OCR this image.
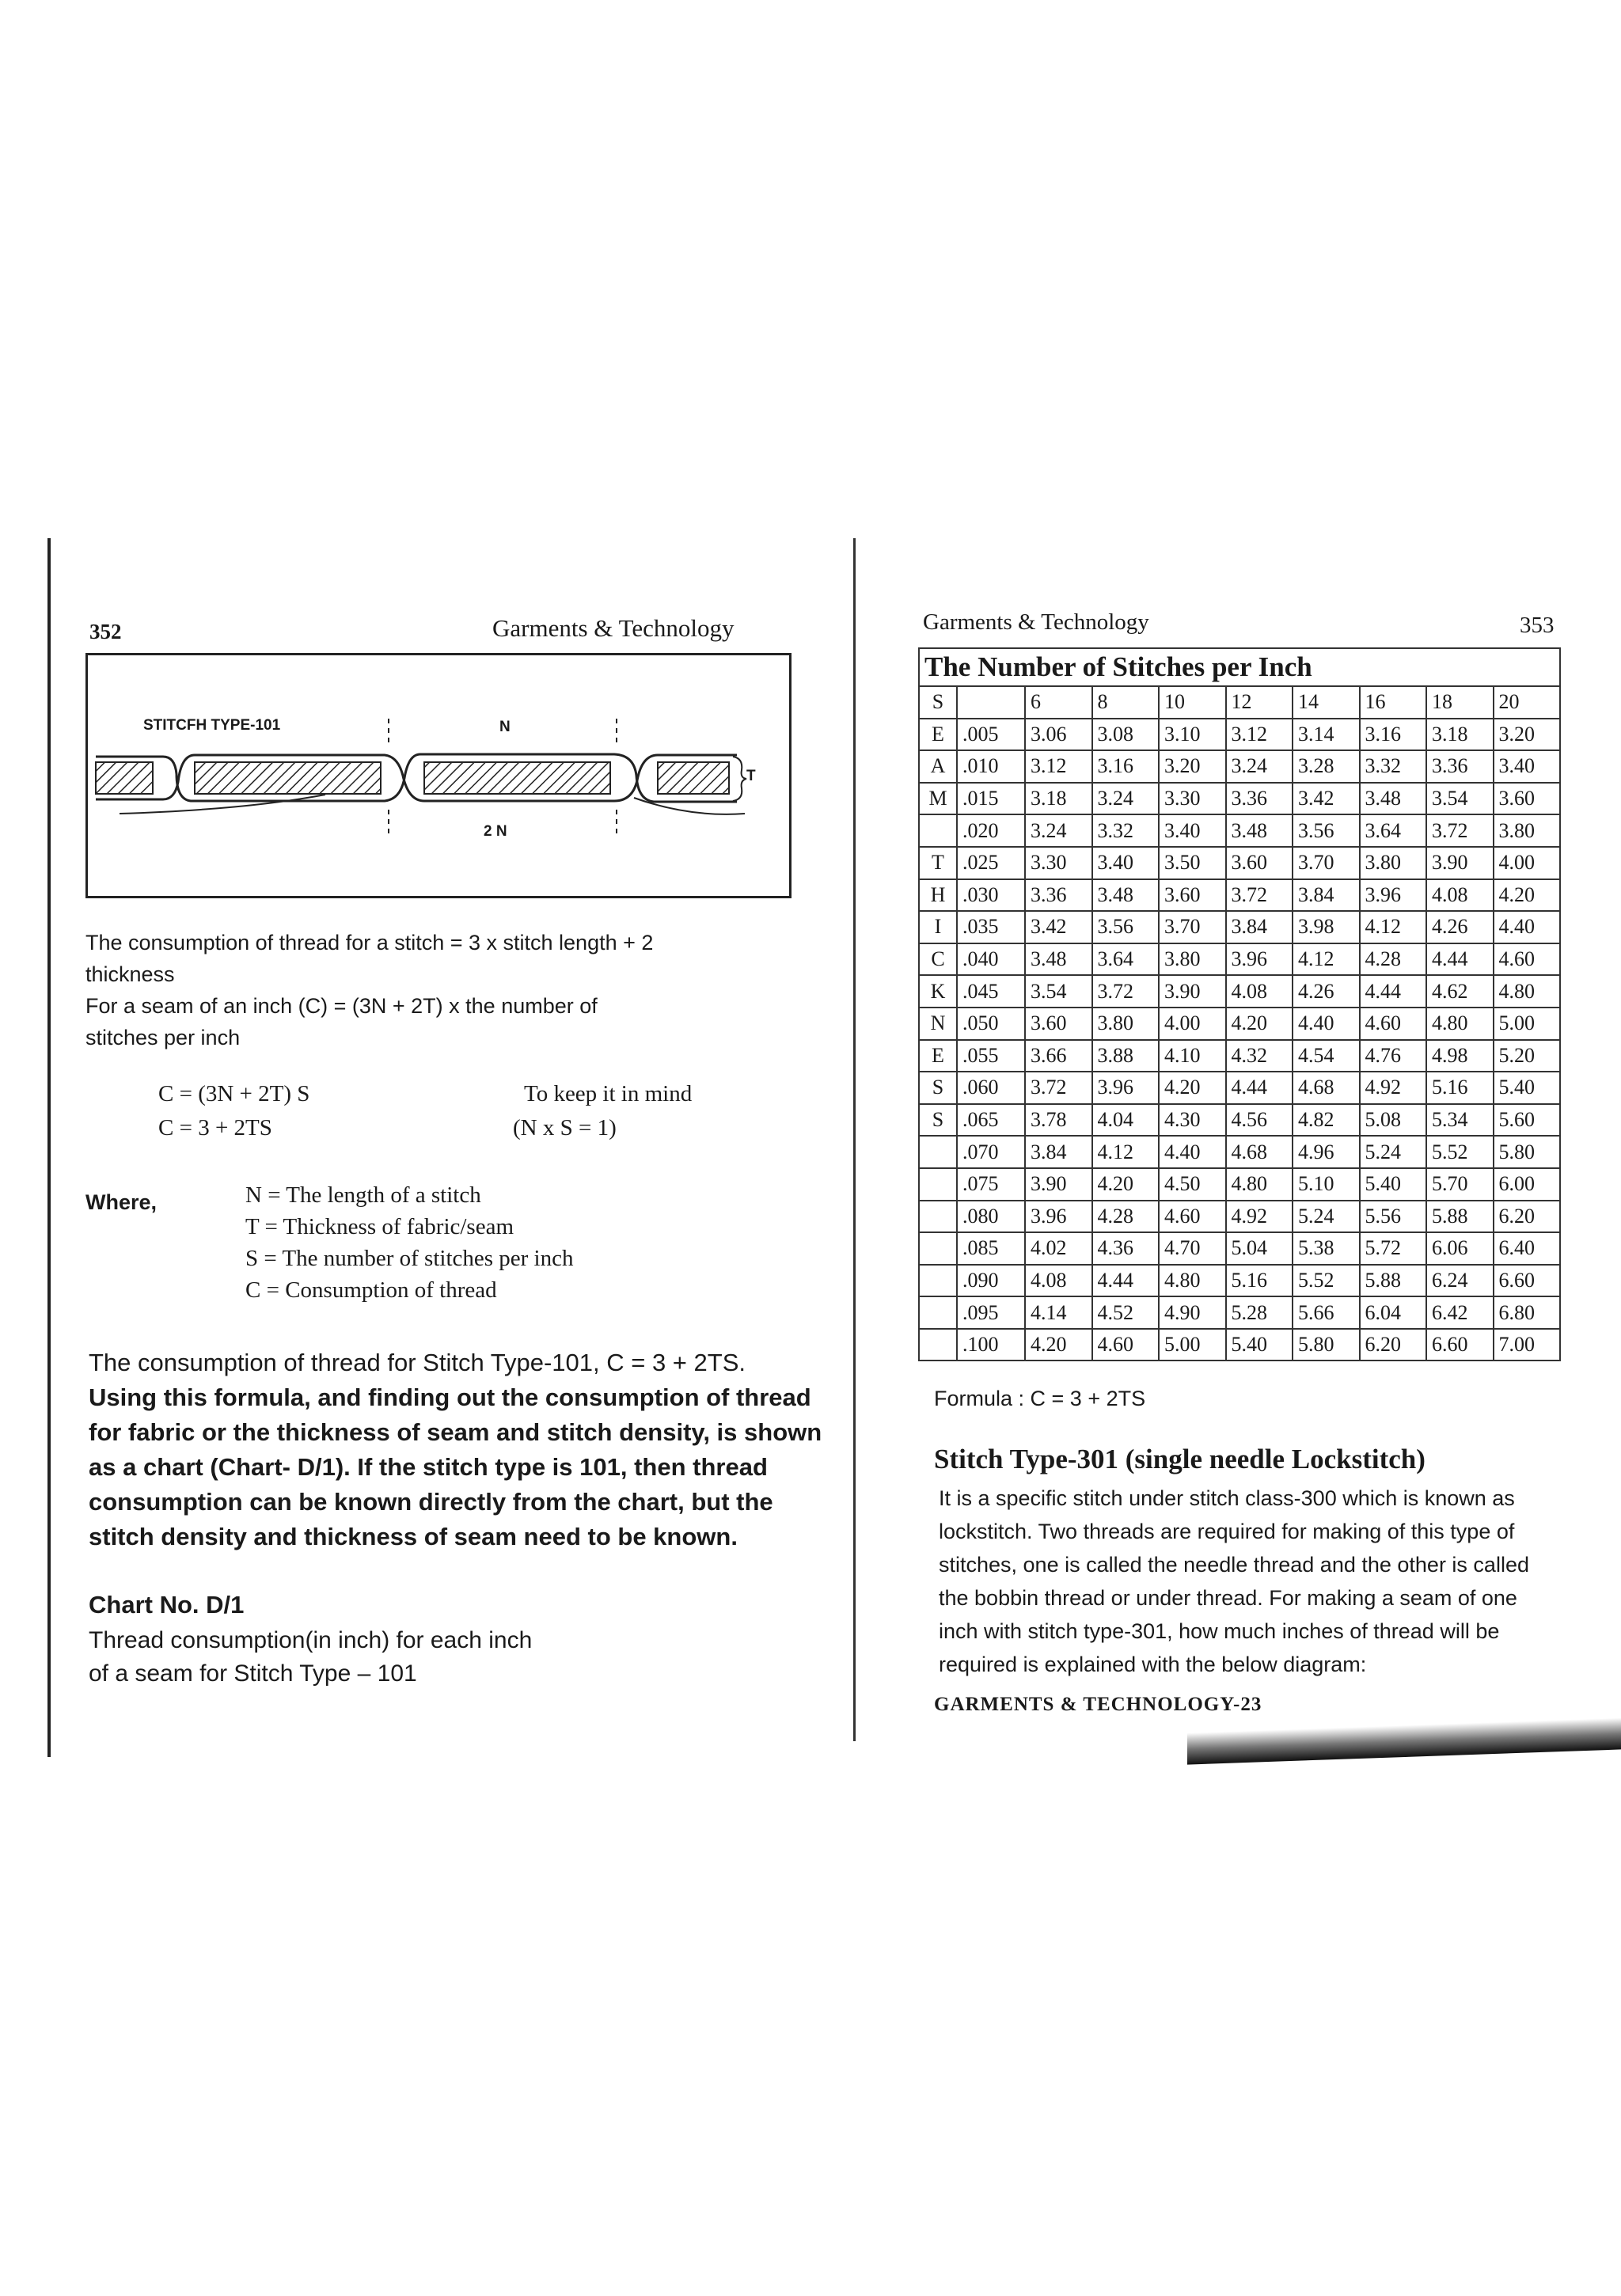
352	Garments & Technology
STITCFH TYPE-101	N
2 N
T
The consumption of thread for a stitch = 3 x stitch length + 2
thickness
For a seam of an inch (C) = (3N + 2T) x the number of
stitches per inch
C = (3N + 2T) S
C = 3 + 2TS
To keep it in mind
(N x S = 1)
Where,	N = The length of a stitch
T = Thickness of fabric/seam
S = The number of stitches per inch
C = Consumption of thread
The consumption of thread for Stitch Type-101, C = 3 + 2TS.
Using this formula, and finding out the consumption of thread
for fabric or the thickness of seam and stitch density, is shown
as a chart (Chart- D/1). If the stitch type is 101, then thread
consumption can be known directly from the chart, but the
stitch density and thickness of seam need to be known.
Chart No. D/1
Thread consumption(in inch) for each inch
of a seam for Stitch Type – 101
Garments & Technology	353
The Number of Stitches per Inch									
S		6	8	10	12	14	16	18	20
E	.005	3.06	3.08	3.10	3.12	3.14	3.16	3.18	3.20
A	.010	3.12	3.16	3.20	3.24	3.28	3.32	3.36	3.40
M	.015	3.18	3.24	3.30	3.36	3.42	3.48	3.54	3.60
	.020	3.24	3.32	3.40	3.48	3.56	3.64	3.72	3.80
T	.025	3.30	3.40	3.50	3.60	3.70	3.80	3.90	4.00
H	.030	3.36	3.48	3.60	3.72	3.84	3.96	4.08	4.20
I	.035	3.42	3.56	3.70	3.84	3.98	4.12	4.26	4.40
C	.040	3.48	3.64	3.80	3.96	4.12	4.28	4.44	4.60
K	.045	3.54	3.72	3.90	4.08	4.26	4.44	4.62	4.80
N	.050	3.60	3.80	4.00	4.20	4.40	4.60	4.80	5.00
E	.055	3.66	3.88	4.10	4.32	4.54	4.76	4.98	5.20
S	.060	3.72	3.96	4.20	4.44	4.68	4.92	5.16	5.40
S	.065	3.78	4.04	4.30	4.56	4.82	5.08	5.34	5.60
	.070	3.84	4.12	4.40	4.68	4.96	5.24	5.52	5.80
	.075	3.90	4.20	4.50	4.80	5.10	5.40	5.70	6.00
	.080	3.96	4.28	4.60	4.92	5.24	5.56	5.88	6.20
	.085	4.02	4.36	4.70	5.04	5.38	5.72	6.06	6.40
	.090	4.08	4.44	4.80	5.16	5.52	5.88	6.24	6.60
	.095	4.14	4.52	4.90	5.28	5.66	6.04	6.42	6.80
	.100	4.20	4.60	5.00	5.40	5.80	6.20	6.60	7.00
Formula : C = 3 + 2TS
Stitch Type-301 (single needle Lockstitch)
It is a specific stitch under stitch class-300 which is known as
lockstitch. Two threads are required for making of this type of
stitches, one is called the needle thread and the other is called
the bobbin thread or under thread. For making a seam of one
inch with stitch type-301, how much inches of thread will be
required is explained with the below diagram:
GARMENTS & TECHNOLOGY-23
